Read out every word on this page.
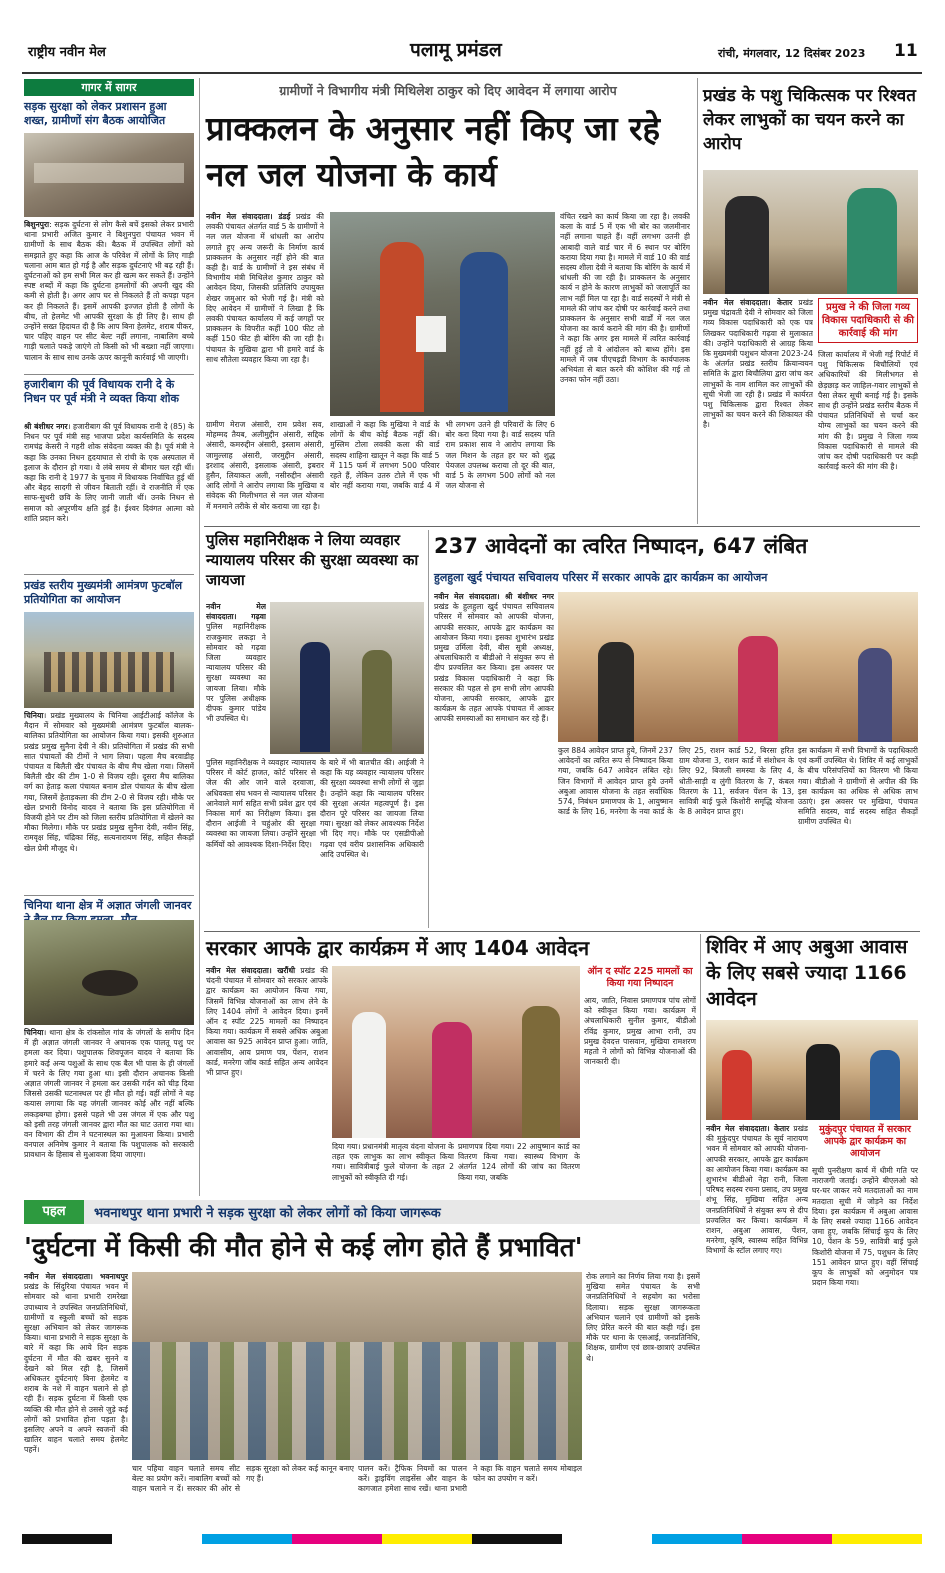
राष्ट्रीय नवीन मेल	पलामू प्रमंडल	रांची, मंगलवार, 12 दिसंबर 2023 11
गागर में सागर
सड़क सुरक्षा को लेकर प्रशासन हुआ शख्त, ग्रामीणों संग बैठक आयोजित
बिशुनपुरा: सड़क दुर्घटना से लोग कैसे बचें इसको लेकर प्रभारी थाना प्रभारी अजित कुमार ने बिशुनपुरा पंचायत भवन में ग्रामीणों के साथ बैठक की। बैठक में उपस्थित लोगों को समझाते हुए कहा कि आज के परिवेश में लोगों के लिए गाड़ी चलाना आम बात हो गई है और सड़क दुर्घटनाएं भी बढ़ रही हैं। दुर्घटनाओं को हम सभी मिल कर ही खत्म कर सकते हैं। उन्होंने स्पष्ट शब्दों में कहा कि दुर्घटना हमलोगों की अपनी खुद की कमी से होती है। अगर आप घर से निकलते हैं तो कपड़ा पहन कर ही निकलते हैं। इसमें आपकी इज्जत होती है लोगों के बीच, तो हेलमेट भी आपकी सुरक्षा के ही लिए है। साथ ही उन्होंने सख्त हिदायत दी है कि आप बिना हेलमेट, शराब पीकर, चार पहिए वाहन पर सीट बेल्ट नहीं लगाना, नाबालिग बच्चे गाड़ी चलाते पकड़े जाएंगे तो किसी को भी बख्शा नहीं जाएगा। चालान के साथ साथ उनके ऊपर कानूनी कार्रवाई भी जाएगी।
हजारीबाग की पूर्व विधायक रानी दे के निधन पर पूर्व मंत्री ने व्यक्त किया शोक
श्री बंशीधर नगर। हजारीबाग की पूर्व विधायक रानी दे (85) के निधन पर पूर्व मंत्री सह भाजपा प्रदेश कार्यसमिति के सदस्य रामचंद्र केसरी ने गहरी शोक संवेदना व्यक्त की है। पूर्व मंत्री ने कहा कि उनका निधन हृदयाघात से रांची के एक अस्पताल में इलाज के दौरान हो गया। वे लंबे समय से बीमार चल रही थीं। कहा कि रानी दे 1977 के चुनाव में विधायक निर्वाचित हुई थीं और बेहद सादगी से जीवन बिताती रहीं। वे राजनीति में एक साफ-सुथरी छवि के लिए जानी जाती थीं। उनके निधन से समाज को अपूरणीय क्षति हुई है। ईश्वर दिवंगत आत्मा को शांति प्रदान करे।
प्रखंड स्तरीय मुख्यमंत्री आमंत्रण फुटबॉल प्रतियोगिता का आयोजन
चिनिया। प्रखंड मुख्यालय के चिनिया आईटीआई कॉलेज के मैदान में सोमवार को मुख्यमंत्री आमंत्रण फुटबॉल बालक-बालिका प्रतियोगिता का आयोजन किया गया। इसकी शुरुआत प्रखंड प्रमुख सुनैना देवी ने की। प्रतियोगिता में प्रखंड की सभी सात पंचायतों की टीमों ने भाग लिया। पहला मैच बरवाडीह पंचायत व बिलैती खैर पंचायत के बीच मैच खेला गया। जिसमें बिलैती खैर की टीम 1-0 से विजय रही। दूसरा मैच बालिका वर्ग का हेताड़ कला पंचायत बनाम डोल पंचायत के बीच खेला गया, जिसमें हेताड़कला की टीम 2-0 से विजय रही। मौके पर खेल प्रभारी विनोद यादव ने बताया कि इस प्रतियोगिता में विजयी होने पर टीम को जिला स्तरीय प्रतियोगिता में खेलने का मौका मिलेगा। मौके पर प्रखंड प्रमुख सुनैना देवी, नवीन सिंह, रामवृक्ष सिंह, चंद्रिका सिंह, सत्यनारायण सिंह, सहित सैकड़ों खेल प्रेमी मौजूद थे।
चिनिया थाना क्षेत्र में अज्ञात जंगली जानवर
चिनिया। थाना क्षेत्र के रांकसोल गांव के जंगलों के समीप दिन में ही अज्ञात जंगली जानवर ने अचानक एक पालतू पशु पर हमला कर दिया। पशुपालक शिवपूजन यादव ने बताया कि हमारे कई अन्य पशुओं के साथ एक बैल भी पास के ही जंगलों में चरने के लिए गया हुआ था। इसी दौरान अचानक किसी अज्ञात जंगली जानवर ने हमला कर उसकी गर्दन को चीड़ दिया जिससे उसकी घटनास्थल पर ही मौत हो गई। वहीं लोगों ने यह कयास लगाया कि यह जंगली जानवर कोई और नहीं बल्कि लकड़बग्घा होगा। इससे पहले भी उस जंगल में एक और पशु को इसी तरह जंगली जानवर द्वारा मौत का घाट उतारा गया था। वन विभाग की टीम ने घटनास्थल का मुआयना किया। प्रभारी वनपाल अनिमेष कुमार ने बताया कि पशुपालक को सरकारी प्रावधान के हिसाब से मुआवजा दिया जाएगा।
ग्रामीणों ने विभागीय मंत्री मिथिलेश ठाकुर को दिए आवेदन में लगाया आरोप
प्राक्कलन के अनुसार नहीं किए जा रहे नल जल योजना के कार्य
नवीन मेल संवाददाता। डंडई प्रखंड की लवकी पंचायत अंतर्गत वार्ड 5 के ग्रामीणों ने नल जल योजना में धांधली का आरोप लगाते हुए अन्य जरूरी के निर्माण कार्य प्राक्कलन के अनुसार नहीं होने की बात कही है। वार्ड के ग्रामीणों ने इस संबंध में विभागीय मंत्री मिथिलेश कुमार ठाकुर को आवेदन दिया, जिसकी प्रतिलिपि उपायुक्त शेखर जमुआर को भेजी गई है। मंत्री को दिए आवेदन में ग्रामीणों ने लिखा है कि लवकी पंचायत कार्यालय में कई जगहों पर प्राक्कलन के विपरीत कहीं 100 फीट तो कहीं 150 फीट ही बोरिंग की जा रही है। पंचायत के मुखिया द्वारा भी हमारे वार्ड के साथ सौतेला व्यवहार किया जा रहा है।
वंचित रखने का कार्य किया जा रहा है। लवकी कला के वार्ड 5 में एक भी बोर का जलमीनार नहीं लगाना चाहते हैं। वहीं लगभग उतनी ही आबादी वाले वार्ड चार में 6 स्थान पर बोरिंग कराया दिया गया है। मामले में वार्ड 10 की वार्ड सदस्य शीला देवी ने बताया कि बोरिंग के कार्य में धांधली की जा रही है। प्राक्कलन के अनुसार कार्य न होने के कारण लाभुकों को जलापूर्ति का लाभ नहीं मिल पा रहा है। वार्ड सदस्यों ने मंत्री से मामले की जांच कर दोषी पर कार्रवाई करने तथा प्राक्कलन के अनुसार सभी वार्डों में नल जल योजना का कार्य कराने की मांग की है। ग्रामीणों ने कहा कि अगर इस मामले में त्वरित कार्रवाई नहीं हुई तो वे आंदोलन को बाध्य होंगे। इस मामले में जब पीएचइडी विभाग के कार्यपालक अभियंता से बात करने की कोशिश की गई तो उनका फोन नहीं उठा।
ग्रामीण मेराज अंसारी, राम प्रवेश सव, मोहम्मद तैयब, अलीमुद्दीन अंसारी, सद्दिक अंसारी, कमरुद्दीन अंसारी, इस्लाम अंसारी, जामुल्लाह अंसारी, जरमुद्दीन अंसारी, इरशाद अंसारी, इसलाक अंसारी, इबरार हुसैन, लियाकत अली, नसीरुद्दीन अंसारी आदि लोगों ने आरोप लगाया कि मुखिया व संवेदक की मिलीभगत से नल जल योजना में मनमाने तरीके से बोर कराया जा रहा है।
शाखाओं ने कहा कि मुखिया ने वार्ड के लोगों के बीच कोई बैठक नहीं की। मुस्लिम टोला लवकी कला की वार्ड सदस्य शाहिना खातून ने कहा कि वार्ड 5 में 115 फर्म में लगभग 500 परिवार रहते हैं, लेकिन उतरु टोले में एक भी बोर नहीं कराया गया, जबकि वार्ड 4 में भी लगभग उतने ही परिवारों के लिए 6 बोर करा दिया गया है। वार्ड सदस्य पति राम प्रकाश साव ने आरोप लगाया कि जल मिशन के तहत हर घर को शुद्ध पेयजल उपलब्ध कराया तो दूर की बात, वार्ड 5 के लगभग 500 लोगों को नल जल योजना से
प्रखंड के पशु चिकित्सक पर रिश्वत लेकर लाभुकों का चयन करने का आरोप
नवीन मेल संवाददाता। केतार प्रखंड प्रमुख चंद्रावती देवी ने सोमवार को जिला गव्य विकास पदाधिकारी को एक पत्र लिखकर पदाधिकारी गढ़वा से मुलाकात की। उन्होंने पदाधिकारी से आग्रह किया कि मुख्यमंत्री पशुधन योजना 2023-24 के अंतर्गत प्रखंड स्तरीय क्रियान्वयन समिति के द्वारा बिचौलिया द्वारा जांच कर लाभुकों के नाम शामिल कर लाभुकों की सूची भेजी जा रही है। प्रखंड में कार्यरत पशु चिकित्सक द्वारा रिश्वत लेकर लाभुकों का चयन करने की शिकायत की है।
प्रमुख ने की जिला गव्य विकास पदाधिकारी से की कार्रवाई की मांग
जिला कार्यालय में भेजी गई रिपोर्ट में पशु चिकित्सक बिचौलियों एवं अधिकारियों की मिलीभगत से छेड़छाड़ कर जाहिल-गवार लाभुकों से पैसा लेकर सूची बनाई गई है। इसके साथ ही उन्होंने प्रखंड स्तरीय बैठक में पंचायत प्रतिनिधियों से चर्चा कर योग्य लाभुकों का चयन करने की मांग की है। प्रमुख ने जिला गव्य विकास पदाधिकारी से मामले की जांच कर दोषी पदाधिकारी पर कड़ी कार्रवाई करने की मांग की है।
पुलिस महानिरीक्षक ने लिया व्यवहार न्यायालय परिसर की सुरक्षा व्यवस्था का जायजा
नवीन मेल संवाददाता। गढ़वा पुलिस महानिरीक्षक राजकुमार लकड़ा ने सोमवार को गढ़वा जिला व्यवहार न्यायालय परिसर की सुरक्षा व्यवस्था का जायजा लिया। मौके पर पुलिस अधीक्षक दीपक कुमार पांडेय भी उपस्थित थे।
पुलिस महानिरीक्षक ने व्यवहार न्यायालय परिसर में कोर्ट हाजत, कोर्ट परिसर से जेल की ओर जाने वाले दरवाजा, अधिवक्ता संघ भवन से न्यायालय परिसर आनेवाले मार्ग सहित सभी प्रवेश द्वार एवं निकास मार्ग का निरीक्षण किया। इस दौरान आईजी ने चहुंओर की सुरक्षा व्यवस्था का जायजा लिया। उन्होंने सुरक्षा कर्मियों को आवश्यक दिशा-निर्देश दिए।
के बारे में भी बातचीत की। आईजी ने कहा कि यह व्यवहार न्यायालय परिसर की सुरक्षा व्यवस्था सभी लोगों से जुड़ा है। उन्होंने कहा कि न्यायालय परिसर की सुरक्षा अत्यंत महत्वपूर्ण है। इस दौरान पूरे परिसर का जायजा लिया गया। सुरक्षा को लेकर आवश्यक निर्देश भी दिए गए। मौके पर एसडीपीओ गढ़वा एवं वरीय प्रशासनिक अधिकारी आदि उपस्थित थे।
237 आवेदनों का त्वरित निष्पादन, 647 लंबित
हुलहुला खुर्द पंचायत सचिवालय परिसर में सरकार आपके द्वार कार्यक्रम का आयोजन
नवीन मेल संवाददाता। श्री बंशीधर नगर प्रखंड के हुलहुला खुर्द पंचायत सचिवालय परिसर में सोमवार को आपकी योजना, आपकी सरकार, आपके द्वार कार्यक्रम का आयोजन किया गया। इसका शुभारंभ प्रखंड प्रमुख उर्मिला देवी, बीस सूत्री अध्यक्ष, अंचलाधिकारी व बीडीओ ने संयुक्त रूप से दीप प्रज्वलित कर किया। इस अवसर पर प्रखंड विकास पदाधिकारी ने कहा कि सरकार की पहल से हम सभी लोग आपकी योजना, आपकी सरकार, आपके द्वार कार्यक्रम के तहत आपके पंचायत में आकर आपकी समस्याओं का समाधान कर रहे हैं।
कुल 884 आवेदन प्राप्त हुये, जिनमें 237 आवेदनों का त्वरित रूप से निष्पादन किया गया, जबकि 647 आवेदन लंबित रहे। जिन विभागों में आवेदन प्राप्त हुये उनमें अबुआ आवास योजना के तहत सर्वाधिक 574, निबंधन प्रमाणपत्र के 1, आयुष्मान कार्ड के लिए 16, मनरेगा के नया कार्ड के लिए 25, राशन कार्ड 52, बिरसा हरित ग्राम योजना 3, राशन कार्ड में संशोधन के लिए 92, बिजली समस्या के लिए 4, धोती-साड़ी व लुंगी वितरण के 7, कंबल वितरण के 11, सर्वजन पेंशन के 13, सावित्री बाई फुले किशोरी समृद्धि योजना के 8 आवेदन प्राप्त हुए।
इस कार्यक्रम में सभी विभागों के पदाधिकारी एवं कर्मी उपस्थित थे। शिविर में कई लाभुकों के बीच परिसंपत्तियों का वितरण भी किया गया। बीडीओ ने ग्रामीणों से अपील की कि इस कार्यक्रम का अधिक से अधिक लाभ उठाएं। इस अवसर पर मुखिया, पंचायत समिति सदस्य, वार्ड सदस्य सहित सैकड़ों ग्रामीण उपस्थित थे।
सरकार आपके द्वार कार्यक्रम में आए 1404 आवेदन
नवीन मेल संवाददाता। खरौंधी प्रखंड की चंदनी पंचायत में सोमवार को सरकार आपके द्वार कार्यक्रम का आयोजन किया गया, जिसमें विभिन्न योजनाओं का लाभ लेने के लिए 1404 लोगों ने आवेदन दिया। इनमें ऑन द स्पॉट 225 मामलों का निष्पादन किया गया। कार्यक्रम में सबसे अधिक अबुआ आवास का 925 आवेदन प्राप्त हुआ। जाति, आवासीय, आय प्रमाण पत्र, पेंशन, राशन कार्ड, मनरेगा जॉब कार्ड सहित अन्य आवेदन भी प्राप्त हुए।
ऑन द स्पॉट 225 मामलों का किया गया निष्पादन
आय, जाति, निवास प्रमाणपत्र पांच लोगों को स्वीकृत किया गया। कार्यक्रम में अंचलाधिकारी सुनील कुमार, बीडीओ रविंद्र कुमार, प्रमुख आभा रानी, उप प्रमुख देवदत्त पासवान, मुखिया रामशरण महतो ने लोगों को विभिन्न योजनाओं की जानकारी दी।
दिया गया। प्रधानमंत्री मातृत्व वंदना योजना के तहत एक लाभुक का लाभ स्वीकृत किया गया। सावित्रीबाई फुले योजना के तहत 2 लाभुकों को स्वीकृति दी गई।
प्रमाणपत्र दिया गया। 22 आयुष्मान कार्ड का वितरण किया गया। स्वास्थ्य विभाग के अंतर्गत 124 लोगों की जांच का वितरण किया गया, जबकि
शिविर में आए अबुआ आवास के लिए सबसे ज्यादा 1166 आवेदन
नवीन मेल संवाददाता। केतार प्रखंड की मुकुंदपुर पंचायत के सूर्य नारायण भवन में सोमवार को आपकी योजना-आपकी सरकार, आपके द्वार कार्यक्रम का आयोजन किया गया। कार्यक्रम का शुभारंभ बीडीओ नेहा रानी, जिला परिषद सदस्य रचना प्रसाद, उप प्रमुख शंभू सिंह, मुखिया सहित अन्य जनप्रतिनिधियों ने संयुक्त रूप से दीप प्रज्वलित कर किया। कार्यक्रम में राशन, अबुआ आवास, पेंशन, मनरेगा, कृषि, स्वास्थ्य सहित विभिन्न विभागों के स्टॉल लगाए गए।
मुकुंदपुर पंचायत में सरकार आपके द्वार कार्यक्रम का आयोजन
सूची पुनरीक्षण कार्य में धीमी गति पर नाराजगी जताई। उन्होंने बीएलओ को घर-घर जाकर नये मतदाताओं का नाम मतदाता सूची में जोड़ने का निर्देश दिया। इस कार्यक्रम में अबुआ आवास के लिए सबसे ज्यादा 1166 आवेदन जमा हुए, जबकि सिंचाई कूप के लिए 10, पेंशन के 59, सावित्री बाई फुले किशोरी योजना में 75, पशुधन के लिए 151 आवेदन प्राप्त हुए। वहीं सिंचाई कूप के लाभुकों को अनुमोदन पत्र प्रदान किया गया।
पहल	भवनाथपुर थाना प्रभारी ने सड़क सुरक्षा को लेकर लोगों को किया जागरूक
'दुर्घटना में किसी की मौत होने से कई लोग होते हैं प्रभावित'
नवीन मेल संवाददाता। भवनाथपुर प्रखंड के सिंदुरिया पंचायत भवन में सोमवार को थाना प्रभारी रामरेखा उपाध्याय ने उपस्थित जनप्रतिनिधियों, ग्रामीणों व स्कूली बच्चों को सड़क सुरक्षा अभियान को लेकर जागरूक किया। थाना प्रभारी ने सड़क सुरक्षा के बारे में कहा कि आये दिन सड़क दुर्घटना में मौत की खबर सुनने व देखने को मिल रही है, जिसमें अधिकतर दुर्घटनाएं बिना हेलमेट व शराब के नशे में वाहन चलाने से हो रही हैं। सड़क दुर्घटना में किसी एक व्यक्ति की मौत होने से उससे जुड़े कई लोगों को प्रभावित होना पड़ता है। इसलिए अपने व अपने स्वजनों की खातिर वाहन चलाते समय हेलमेट पहनें।
रोक लगाने का निर्णय लिया गया है। इसमें मुखिया समेत पंचायत के सभी जनप्रतिनिधियों ने सहयोग का भरोसा दिलाया। सड़क सुरक्षा जागरूकता अभियान चलाने एवं ग्रामीणों को इसके लिए प्रेरित करने की बात कही गई। इस मौके पर थाना के एसआई, जनप्रतिनिधि, शिक्षक, ग्रामीण एवं छात्र-छात्राएं उपस्थित थे।
चार पहिया वाहन चलाते समय सीट बेल्ट का प्रयोग करें। नाबालिग बच्चों को वाहन चलाने न दें। सरकार की ओर से सड़क सुरक्षा को लेकर कई कानून बनाए गए हैं।
पालन करें। ट्रैफिक नियमों का पालन करें। ड्राइविंग लाइसेंस और वाहन के कागजात हमेशा साथ रखें। थाना प्रभारी ने कहा कि वाहन चलाते समय मोबाइल फोन का उपयोग न करें।
